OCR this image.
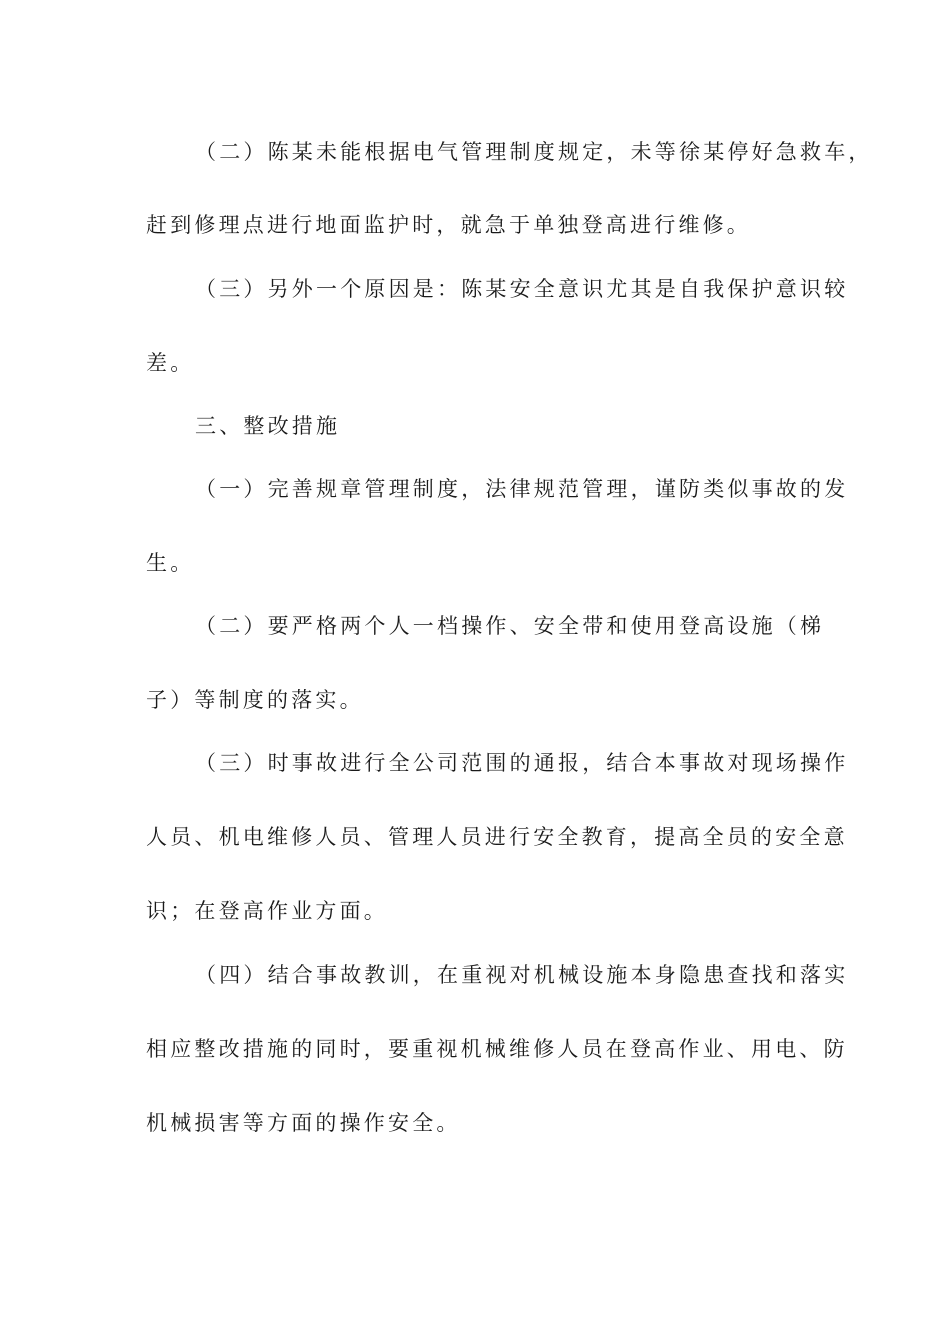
（二）陈某未能根据电气管理制度规定，未等徐某停好急救车，
赶到修理点进行地面监护时，就急于单独登高进行维修。
（三）另外一个原因是：陈某安全意识尤其是自我保护意识较
差。
三、整改措施
（一）完善规章管理制度，法律规范管理，谨防类似事故的发
生。
（二）要严格两个人一档操作、安全带和使用登高设施（梯
子）等制度的落实。
（三）时事故进行全公司范围的通报，结合本事故对现场操作
人员、机电维修人员、管理人员进行安全教育，提高全员的安全意
识；在登高作业方面。
（四）结合事故教训，在重视对机械设施本身隐患查找和落实
相应整改措施的同时，要重视机械维修人员在登高作业、用电、防
机械损害等方面的操作安全。
